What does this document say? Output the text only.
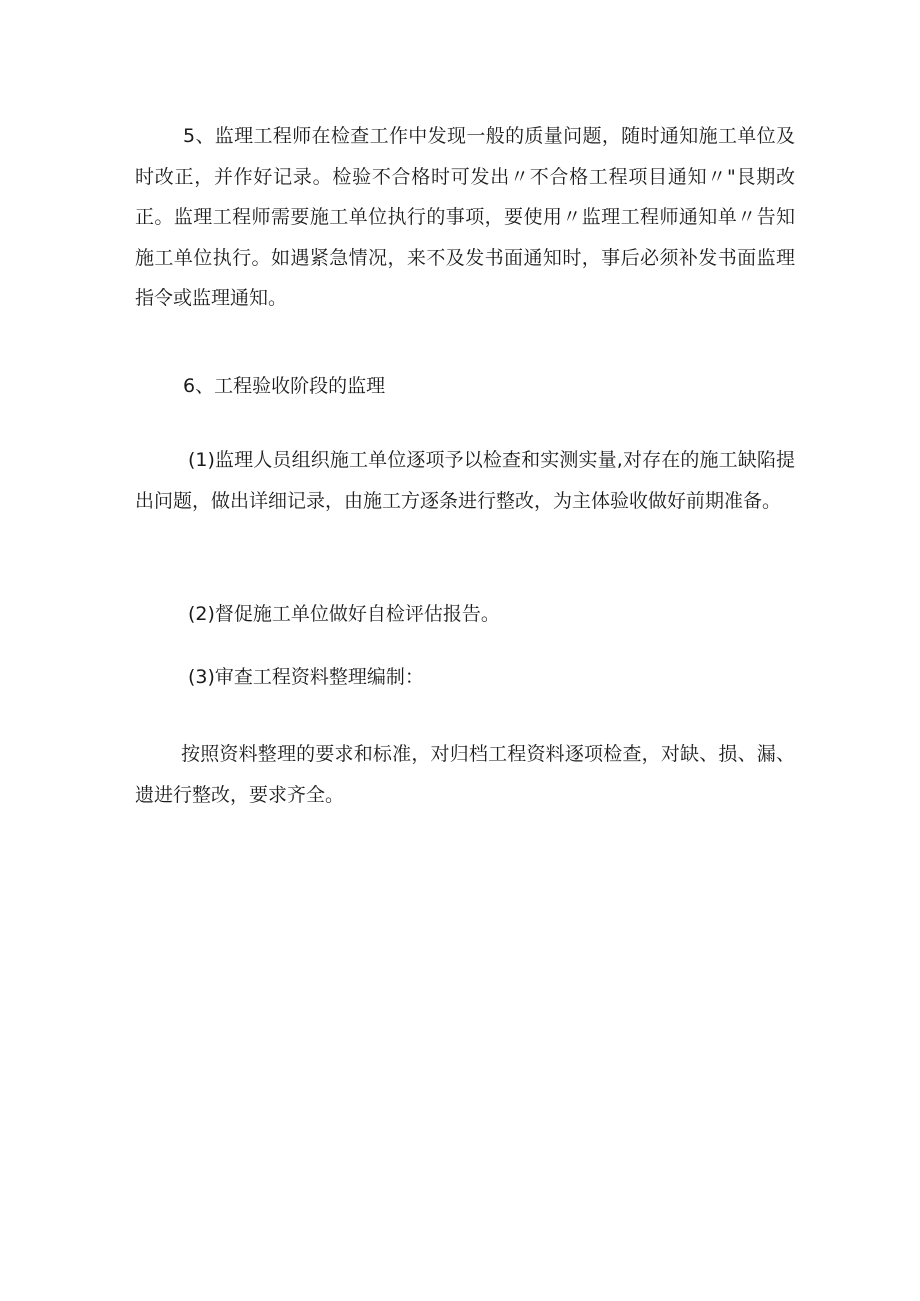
5、监理工程师在检查工作中发现一般的质量问题，随时通知施工单位及时改正，并作好记录。检验不合格时可发出〃不合格工程项目通知〃"艮期改正。监理工程师需要施工单位执行的事项，要使用〃监理工程师通知单〃告知施工单位执行。如遇紧急情况，来不及发书面通知时，事后必须补发书面监理指令或监理通知。

6、工程验收阶段的监理

(1)监理人员组织施工单位逐项予以检查和实测实量,对存在的施工缺陷提出问题，做出详细记录，由施工方逐条进行整改，为主体验收做好前期准备。

(2)督促施工单位做好自检评估报告。

(3)审查工程资料整理编制：

按照资料整理的要求和标准，对归档工程资料逐项检查，对缺、损、漏、遗进行整改，要求齐全。
